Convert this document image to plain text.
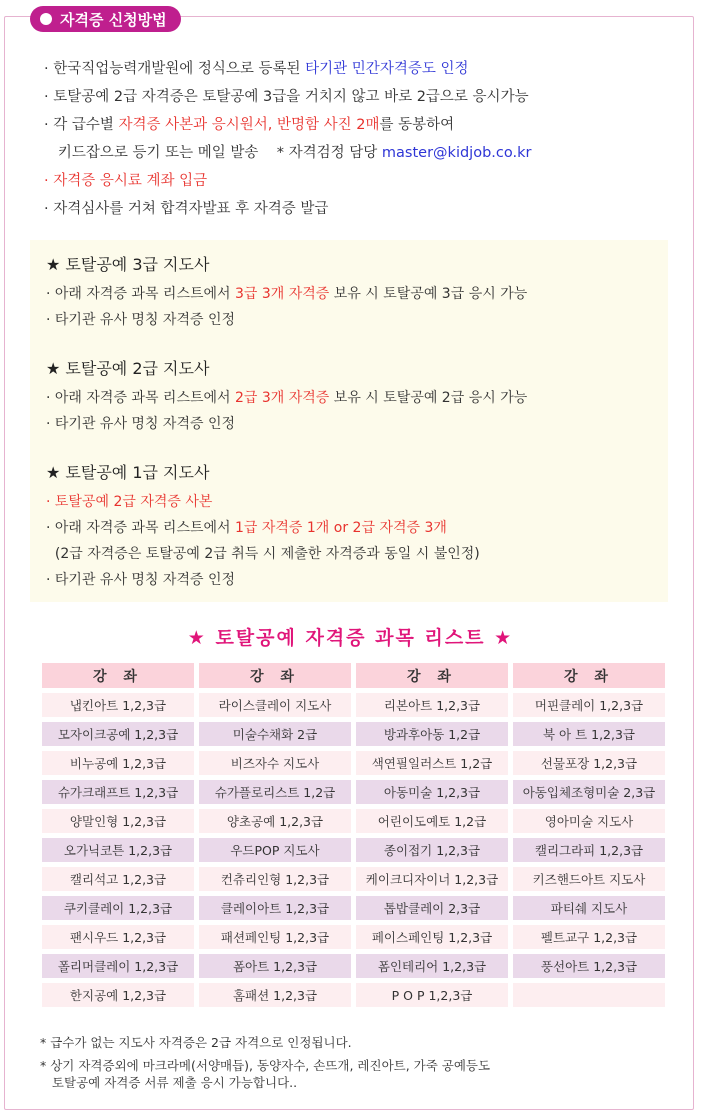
자격증 신청방법
· 한국직업능력개발원에 정식으로 등록된 타기관 민간자격증도 인정
· 토탈공예 2급 자격증은 토탈공예 3급을 거치지 않고 바로 2급으로 응시가능
· 각 급수별 자격증 사본과 응시원서, 반명함 사진 2매를 동봉하여
키드잡으로 등기 또는 메일 발송    * 자격검정 담당 master@kidjob.co.kr
· 자격증 응시료 계좌 입금
· 자격심사를 거쳐 합격자발표 후 자격증 발급
★ 토탈공예 3급 지도사
· 아래 자격증 과목 리스트에서 3급 3개 자격증 보유 시 토탈공예 3급 응시 가능
· 타기관 유사 명칭 자격증 인정
★ 토탈공예 2급 지도사
· 아래 자격증 과목 리스트에서 2급 3개 자격증 보유 시 토탈공예 2급 응시 가능
· 타기관 유사 명칭 자격증 인정
★ 토탈공예 1급 지도사
· 토탈공예 2급 자격증 사본
· 아래 자격증 과목 리스트에서 1급 자격증 1개 or 2급 자격증 3개
(2급 자격증은 토탈공예 2급 취득 시 제출한 자격증과 동일 시 불인정)
· 타기관 유사 명칭 자격증 인정
★ 토탈공예 자격증 과목 리스트 ★
강 좌	강 좌	강 좌	강 좌
냅킨아트 1,2,3급	라이스클레이 지도사	리본아트 1,2,3급	머핀클레이 1,2,3급
모자이크공예 1,2,3급	미술수채화 2급	방과후아동 1,2급	북 아 트 1,2,3급
비누공예 1,2,3급	비즈자수 지도사	색연필일러스트 1,2급	선물포장 1,2,3급
슈가크래프트 1,2,3급	슈가플로리스트 1,2급	아동미술 1,2,3급	아동입체조형미술 2,3급
양말인형 1,2,3급	양초공예 1,2,3급	어린이도예토 1,2급	영아미술 지도사
오가닉코튼 1,2,3급	우드POP 지도사	종이접기 1,2,3급	캘리그라피 1,2,3급
캘리석고 1,2,3급	컨츄리인형 1,2,3급	케이크디자이너 1,2,3급	키즈핸드아트 지도사
쿠키클레이 1,2,3급	클레이아트 1,2,3급	톱밥클레이 2,3급	파티쉐 지도사
팬시우드 1,2,3급	패션페인팅 1,2,3급	페이스페인팅 1,2,3급	펠트교구 1,2,3급
폴리머클레이 1,2,3급	폼아트 1,2,3급	폼인테리어 1,2,3급	풍선아트 1,2,3급
한지공예 1,2,3급	홈패션 1,2,3급	P O P 1,2,3급	
* 급수가 없는 지도사 자격증은 2급 자격으로 인정됩니다.
* 상기 자격증외에 마크라메(서양매듭), 동양자수, 손뜨개, 레진아트, 가죽 공예등도
토탈공예 자격증 서류 제출 응시 가능합니다..
